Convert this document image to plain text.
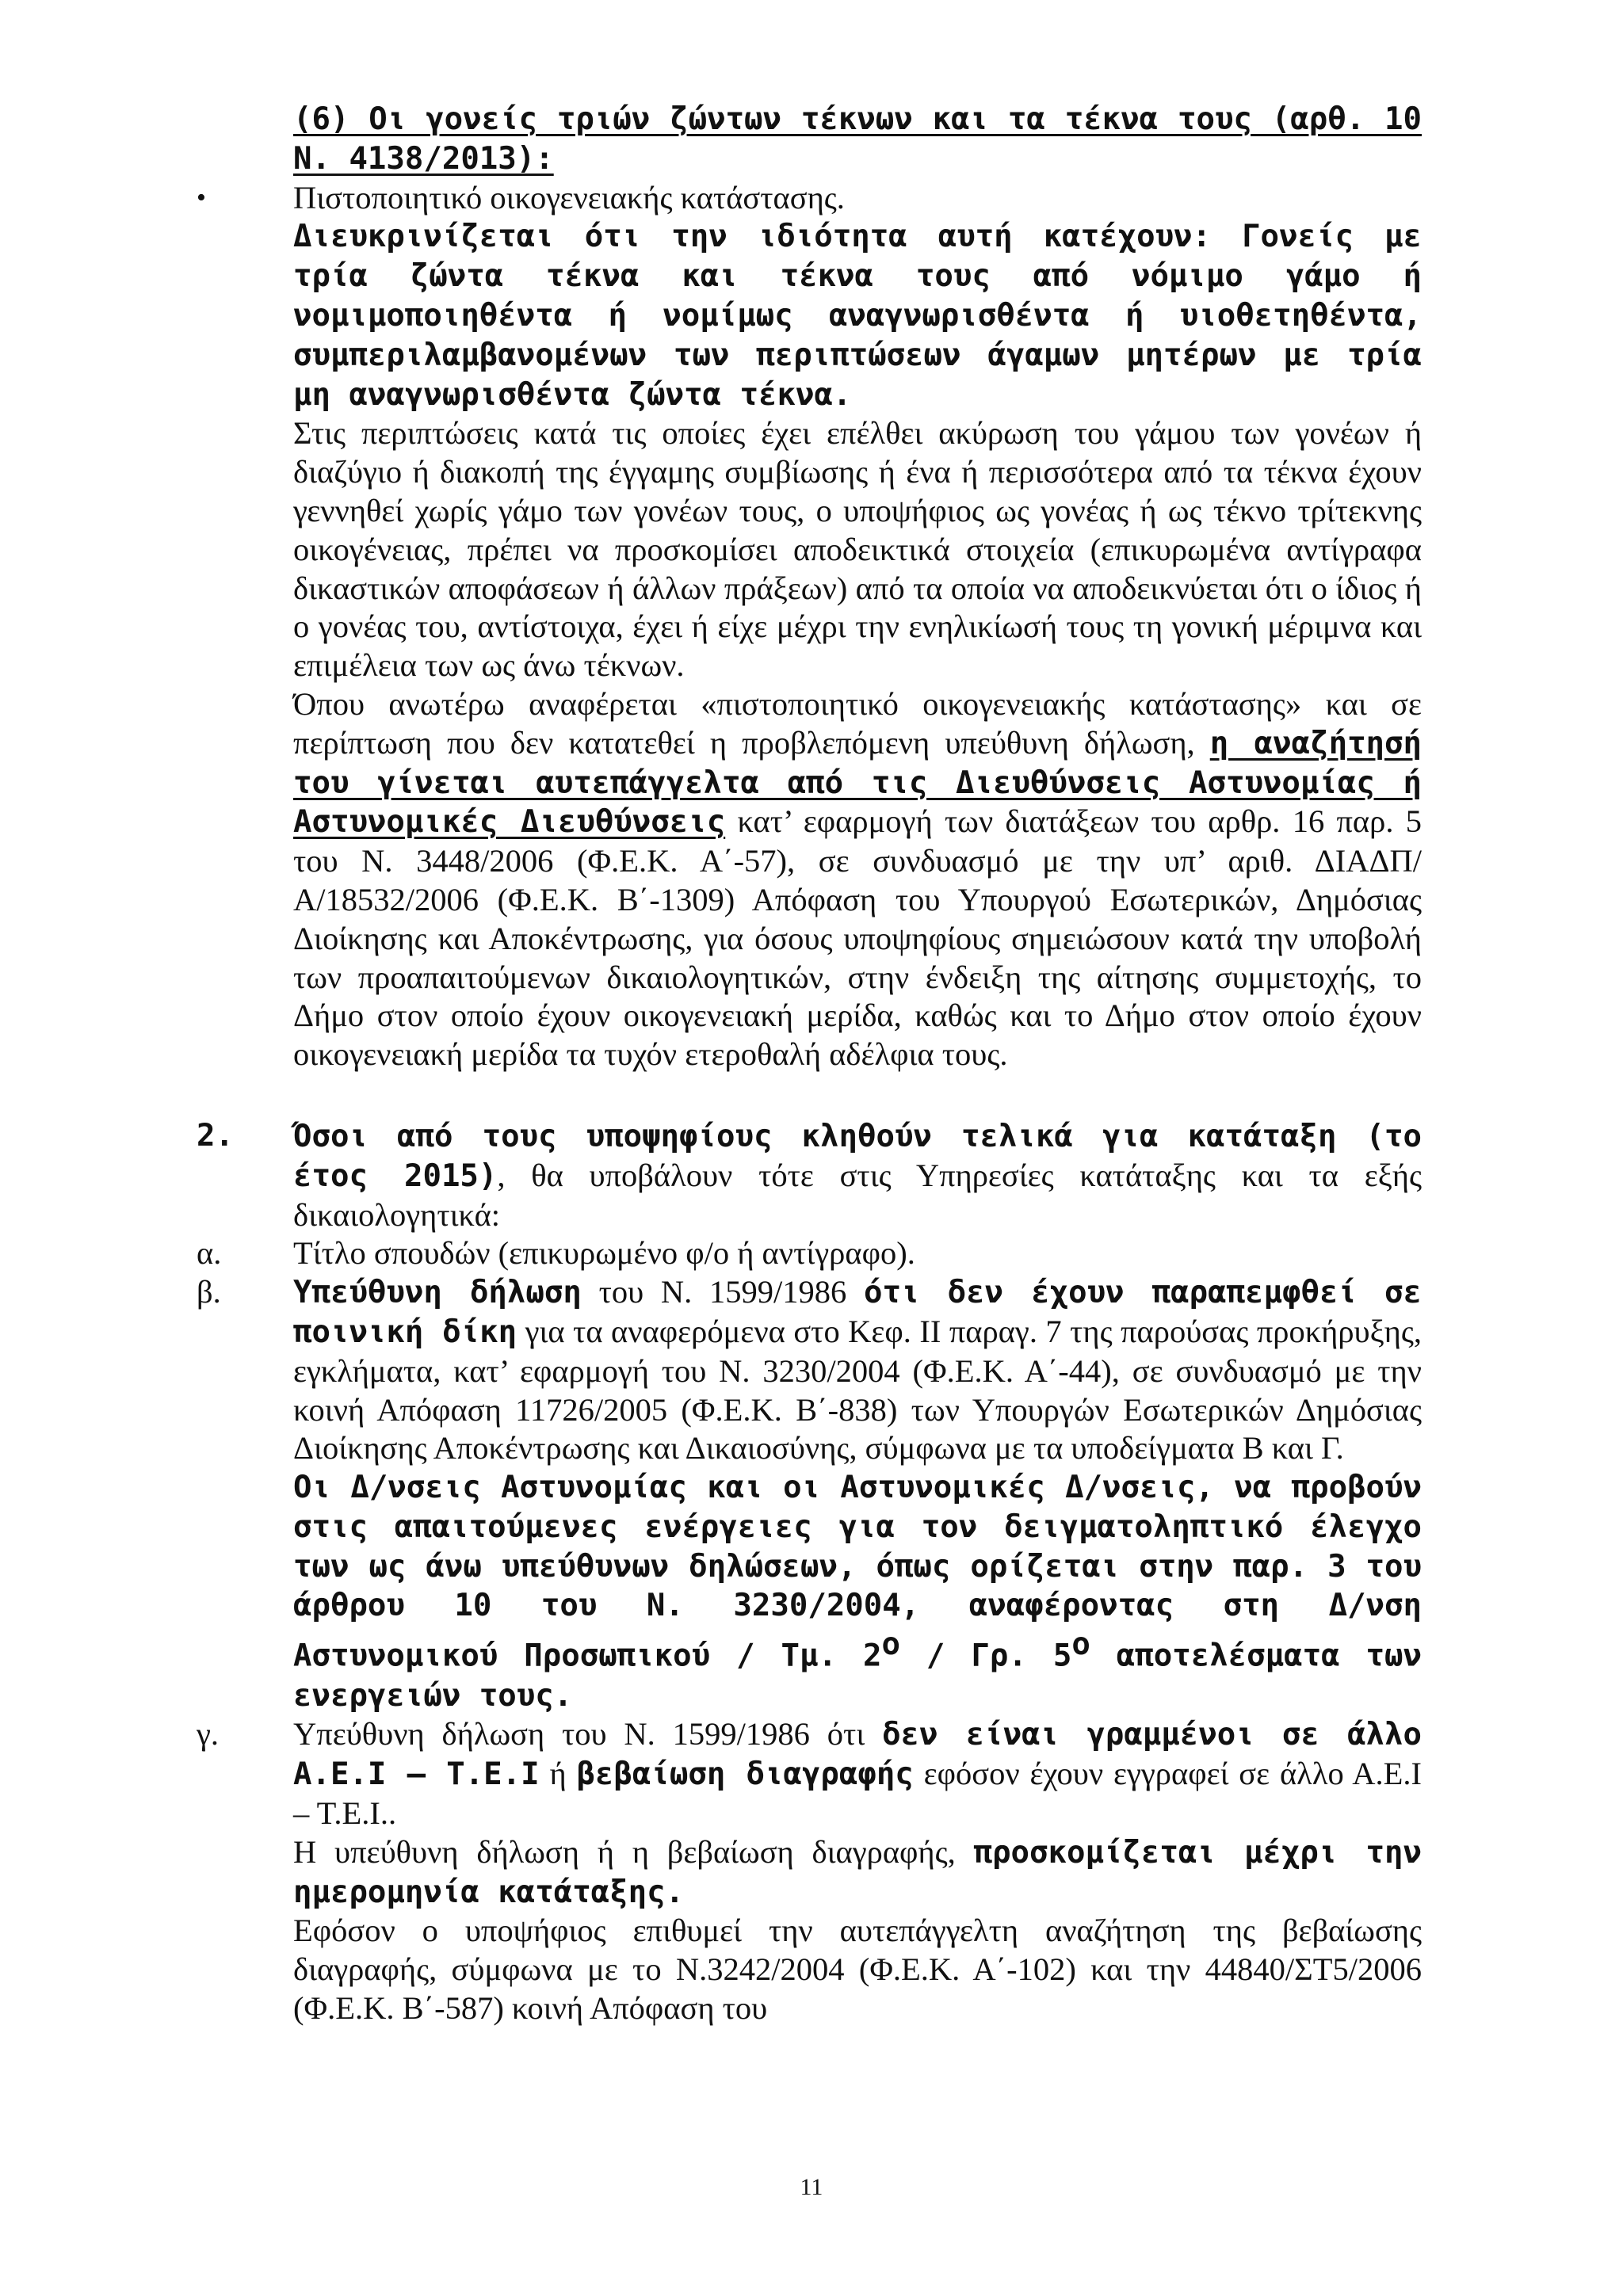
(6) Οι γονείς τριών ζώντων τέκνων και τα τέκνα τους (αρθ. 10 Ν. 4138/2013):

•	Πιστοποιητικό οικογενειακής κατάστασης.

Διευκρινίζεται ότι την ιδιότητα αυτή κατέχουν: Γονείς με τρία ζώντα τέκνα και τέκνα τους από νόμιμο γάμο ή νομιμοποιηθέντα ή νομίμως αναγνωρισθέντα ή υιοθετηθέντα, συμπεριλαμβανομένων των περιπτώσεων άγαμων μητέρων με τρία μη αναγνωρισθέντα ζώντα τέκνα.

Στις περιπτώσεις κατά τις οποίες έχει επέλθει ακύρωση του γάμου των γονέων ή διαζύγιο ή διακοπή της έγγαμης συμβίωσης ή ένα ή περισσότερα από τα τέκνα έχουν γεννηθεί χωρίς γάμο των γονέων τους, ο υποψήφιος ως γονέας ή ως τέκνο τρίτεκνης οικογένειας, πρέπει να προσκομίσει αποδεικτικά στοιχεία (επικυρωμένα αντίγραφα δικαστικών αποφάσεων ή άλλων πράξεων) από τα οποία να αποδεικνύεται ότι ο ίδιος ή ο γονέας του, αντίστοιχα, έχει ή είχε μέχρι την ενηλικίωσή τους τη γονική μέριμνα και επιμέλεια των ως άνω τέκνων.

Όπου ανωτέρω αναφέρεται «πιστοποιητικό οικογενειακής κατάστασης» και σε περίπτωση που δεν κατατεθεί η προβλεπόμενη υπεύθυνη δήλωση, η αναζήτησή του γίνεται αυτεπάγγελτα από τις Διευθύνσεις Αστυνομίας ή Αστυνομικές Διευθύνσεις κατ’ εφαρμογή των διατάξεων του αρθρ. 16 παρ. 5 του Ν. 3448/2006 (Φ.Ε.Κ. Α΄-57), σε συνδυασμό με την υπ’ αριθ. ΔΙΑΔΠ/Α/18532/2006 (Φ.Ε.Κ. Β΄-1309) Απόφαση του Υπουργού Εσωτερικών, Δημόσιας Διοίκησης και Αποκέντρωσης, για όσους υποψηφίους σημειώσουν κατά την υποβολή των προαπαιτούμενων δικαιολογητικών, στην ένδειξη της αίτησης συμμετοχής, το Δήμο στον οποίο έχουν οικογενειακή μερίδα, καθώς και το Δήμο στον οποίο έχουν οικογενειακή μερίδα τα τυχόν ετεροθαλή αδέλφια τους.

2. Όσοι από τους υποψηφίους κληθούν τελικά για κατάταξη (το έτος 2015), θα υποβάλουν τότε στις Υπηρεσίες κατάταξης και τα εξής δικαιολογητικά:

α. Τίτλο σπουδών (επικυρωμένο φ/ο ή αντίγραφο).

β. Υπεύθυνη δήλωση του Ν. 1599/1986 ότι δεν έχουν παραπεμφθεί σε ποινική δίκη για τα αναφερόμενα στο Κεφ. ΙΙ παραγ. 7 της παρούσας προκήρυξης, εγκλήματα, κατ’ εφαρμογή του Ν. 3230/2004 (Φ.Ε.Κ. Α΄-44), σε συνδυασμό με την κοινή Απόφαση 11726/2005 (Φ.Ε.Κ. Β΄-838) των Υπουργών Εσωτερικών Δημόσιας Διοίκησης Αποκέντρωσης και Δικαιοσύνης, σύμφωνα με τα υποδείγματα Β και Γ.

Οι Δ/νσεις Αστυνομίας και οι Αστυνομικές Δ/νσεις, να προβούν στις απαιτούμενες ενέργειες για τον δειγματοληπτικό έλεγχο των ως άνω υπεύθυνων δηλώσεων, όπως ορίζεται στην παρ. 3 του άρθρου 10 του Ν. 3230/2004, αναφέροντας στη Δ/νση Αστυνομικού Προσωπικού / Τμ. $2^o$ / Γρ. $5^o$ αποτελέσματα των ενεργειών τους.

γ. Υπεύθυνη δήλωση του Ν. 1599/1986 ότι δεν είναι γραμμένοι σε άλλο Α.Ε.Ι – Τ.Ε.Ι ή βεβαίωση διαγραφής εφόσον έχουν εγγραφεί σε άλλο Α.Ε.Ι – Τ.Ε.Ι..

Η υπεύθυνη δήλωση ή η βεβαίωση διαγραφής, προσκομίζεται μέχρι την ημερομηνία κατάταξης.

Εφόσον ο υποψήφιος επιθυμεί την αυτεπάγγελτη αναζήτηση της βεβαίωσης διαγραφής, σύμφωνα με το Ν.3242/2004 (Φ.Ε.Κ. Α΄-102) και την 44840/ΣΤ5/2006 (Φ.Ε.Κ. Β΄-587) κοινή Απόφαση του

11
